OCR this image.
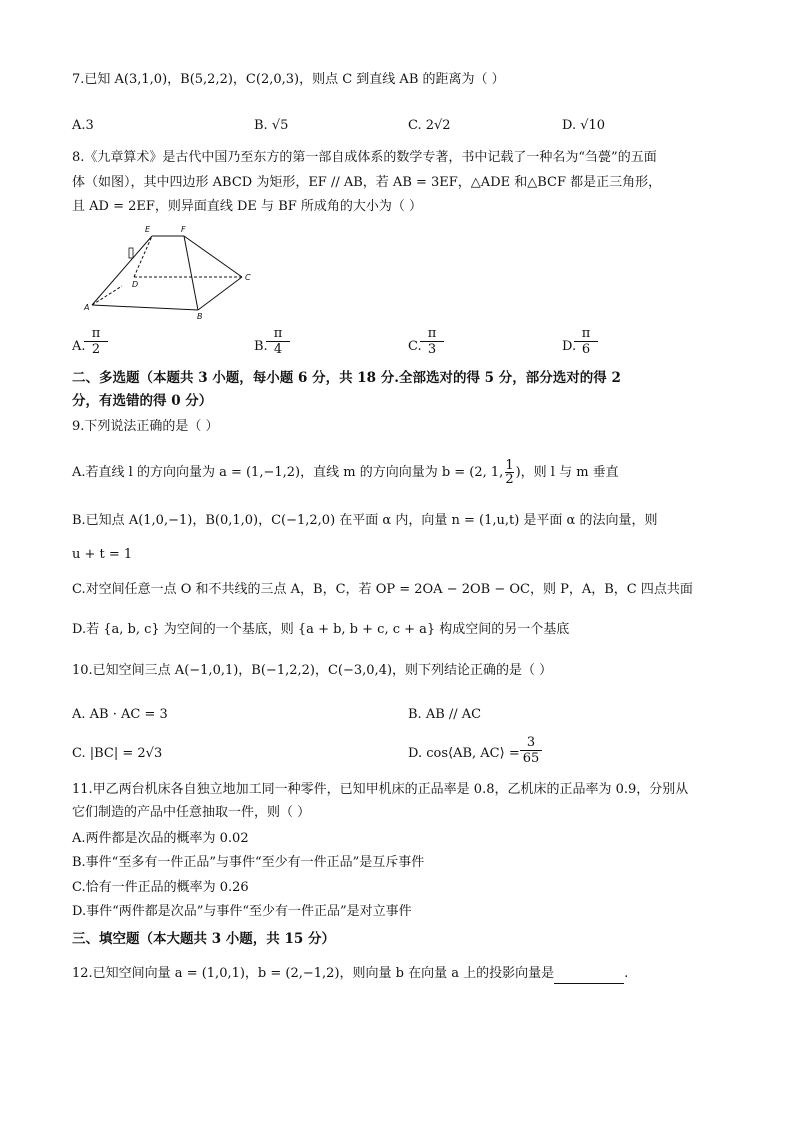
7.已知 A(3,1,0)，B(5,2,2)，C(2,0,3)，则点 C 到直线 AB 的距离为（ ）
A.3	B. √5	C. 2√2	D. √10
8.《九章算术》是古代中国乃至东方的第一部自成体系的数学专著，书中记载了一种名为“刍甍”的五面
体（如图），其中四边形 ABCD 为矩形，EF // AB，若 AB = 3EF，△ADE 和△BCF 都是正三角形，
且 AD = 2EF，则异面直线 DE 与 BF 所成角的大小为（ ）
E	F
A
B
C
D
A.
$\frac{\pi}{2}$	B.
$\frac{\pi}{4}$	C.
$\frac{\pi}{3}$	D.
$\frac{\pi}{6}$
二、多选题（本题共 3 小题，每小题 6 分，共 18 分.全部选对的得 5 分，部分选对的得 2
分，有选错的得 0 分）
9.下列说法正确的是（ ）
A.若直线 l 的方向向量为 a = (1,−1,2)，直线 m 的方向向量为 b = (2, 1, $\frac{1}{2}$ )，则 l 与 m 垂直
B.已知点 A(1,0,−1)，B(0,1,0)，C(−1,2,0) 在平面 α 内，向量 n = (1,u,t) 是平面 α 的法向量，则
u + t = 1
C.对空间任意一点 O 和不共线的三点 A，B，C，若 OP = 2OA − 2OB − OC，则 P，A，B，C 四点共面
D.若 {a, b, c} 为空间的一个基底，则 {a + b, b + c, c + a} 构成空间的另一个基底
10.已知空间三点 A(−1,0,1)，B(−1,2,2)，C(−3,0,4)，则下列结论正确的是（ ）
A. AB · AC = 3	B. AB // AC
C. |BC| = 2√3	D. cos⟨AB, AC⟩ = $\frac{3}{65}$
11.甲乙两台机床各自独立地加工同一种零件，已知甲机床的正品率是 0.8，乙机床的正品率为 0.9，分别从
它们制造的产品中任意抽取一件，则（ ）
A.两件都是次品的概率为 0.02
B.事件“至多有一件正品”与事件“至少有一件正品”是互斥事件
C.恰有一件正品的概率为 0.26
D.事件“两件都是次品”与事件“至少有一件正品”是对立事件
三、填空题（本大题共 3 小题，共 15 分）
12.已知空间向量 a = (1,0,1)，b = (2,−1,2)，则向量 b 在向量 a 上的投影向量是	.
